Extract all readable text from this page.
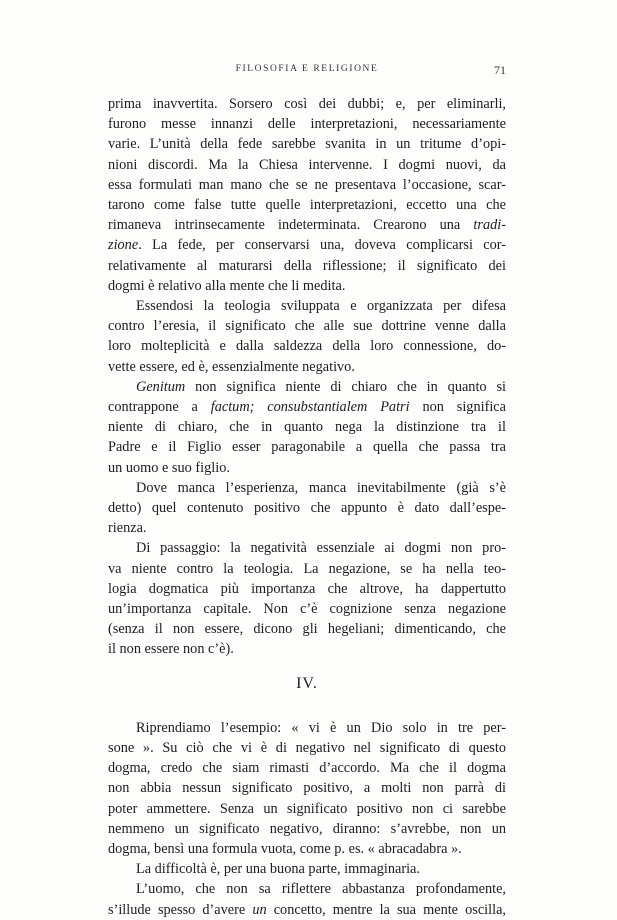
FILOSOFIA E RELIGIONE	71

prima inavvertita. Sorsero così dei dubbi; e, per eliminarli,

furono messe innanzi delle interpretazioni, necessariamente

varie. L’unità della fede sarebbe svanita in un tritume d’opi-

nioni discordi. Ma la Chiesa intervenne. I dogmi nuovi, da

essa formulati man mano che se ne presentava l’occasione, scar-

tarono come false tutte quelle interpretazioni, eccetto una che

rimaneva intrinsecamente indeterminata. Crearono una tradi-

zione. La fede, per conservarsi una, doveva complicarsi cor-

relativamente al maturarsi della riflessione; il significato dei

dogmi è relativo alla mente che li medita.

Essendosi la teologia sviluppata e organizzata per difesa

contro l’eresia, il significato che alle sue dottrine venne dalla

loro molteplicità e dalla saldezza della loro connessione, do-

vette essere, ed è, essenzialmente negativo.

Genitum non significa niente di chiaro che in quanto si

contrappone a factum; consubstantialem Patri non significa

niente di chiaro, che in quanto nega la distinzione tra il

Padre e il Figlio esser paragonabile a quella che passa tra

un uomo e suo figlio.

Dove manca l’esperienza, manca inevitabilmente (già s’è

detto) quel contenuto positivo che appunto è dato dall’espe-

rienza.

Di passaggio: la negatività essenziale ai dogmi non pro-

va niente contro la teologia. La negazione, se ha nella teo-

logia dogmatica più importanza che altrove, ha dappertutto

un’importanza capitale. Non c’è cognizione senza negazione

(senza il non essere, dicono gli hegeliani; dimenticando, che

il non essere non c’è).

IV.

Riprendiamo l’esempio: « vi è un Dio solo in tre per-

sone ». Su ciò che vi è di negativo nel significato di questo

dogma, credo che siam rimasti d’accordo. Ma che il dogma

non abbia nessun significato positivo, a molti non parrà di

poter ammettere. Senza un significato positivo non ci sarebbe

nemmeno un significato negativo, diranno: s’avrebbe, non un

dogma, bensì una formula vuota, come p. es. « abracadabra ».

La difficoltà è, per una buona parte, immaginaria.

L’uomo, che non sa riflettere abbastanza profondamente,

s’illude spesso d’avere un concetto, mentre la sua mente oscilla,
